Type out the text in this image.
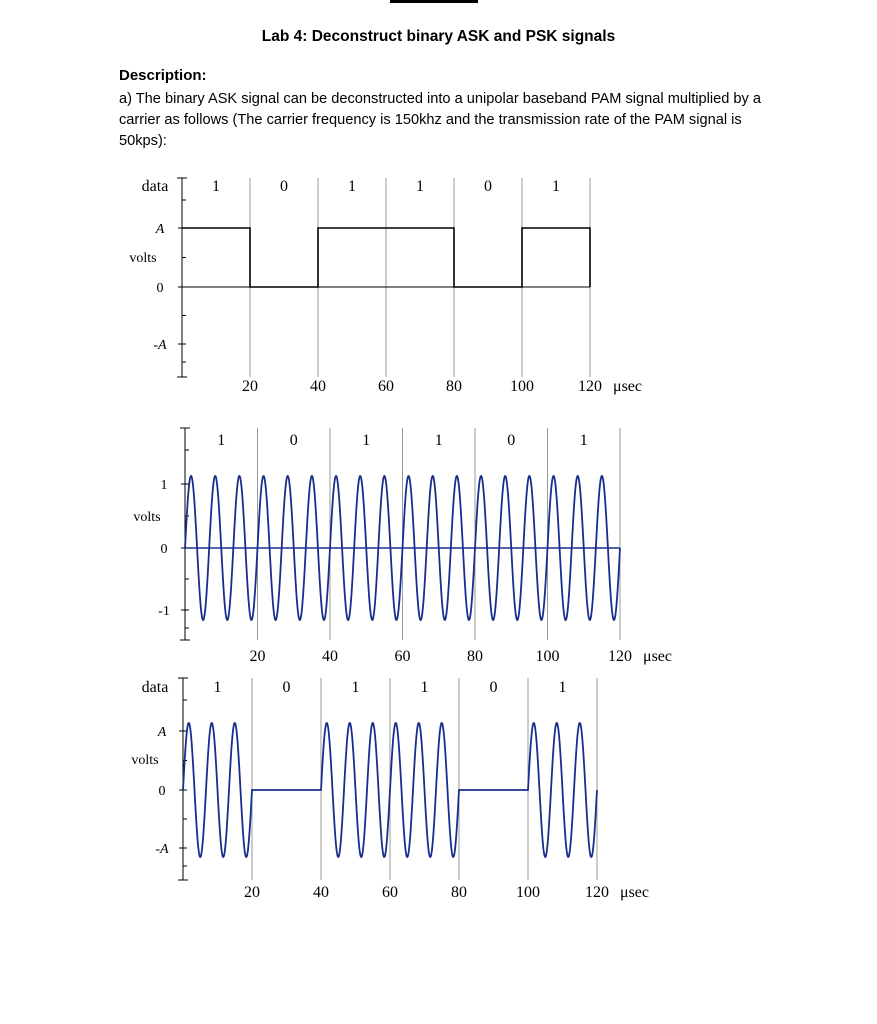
Lab 4: Deconstruct binary ASK and PSK signals
Description:
a) The binary ASK signal can be deconstructed into a unipolar baseband PAM signal multiplied by a carrier as follows (The carrier frequency is 150khz and the transmission rate of the PAM signal is 50kps):
data	1	0	1	1	0	1
volts
A
0
-A
20	40	60	80	100	120 μsec
1	0	1	1	0	1
volts
1
0
-1
20	40	60	80	100	120 μsec
data	1	0	1	1	0	1
volts
A
0
-A
20	40	60	80	100	120 μsec
